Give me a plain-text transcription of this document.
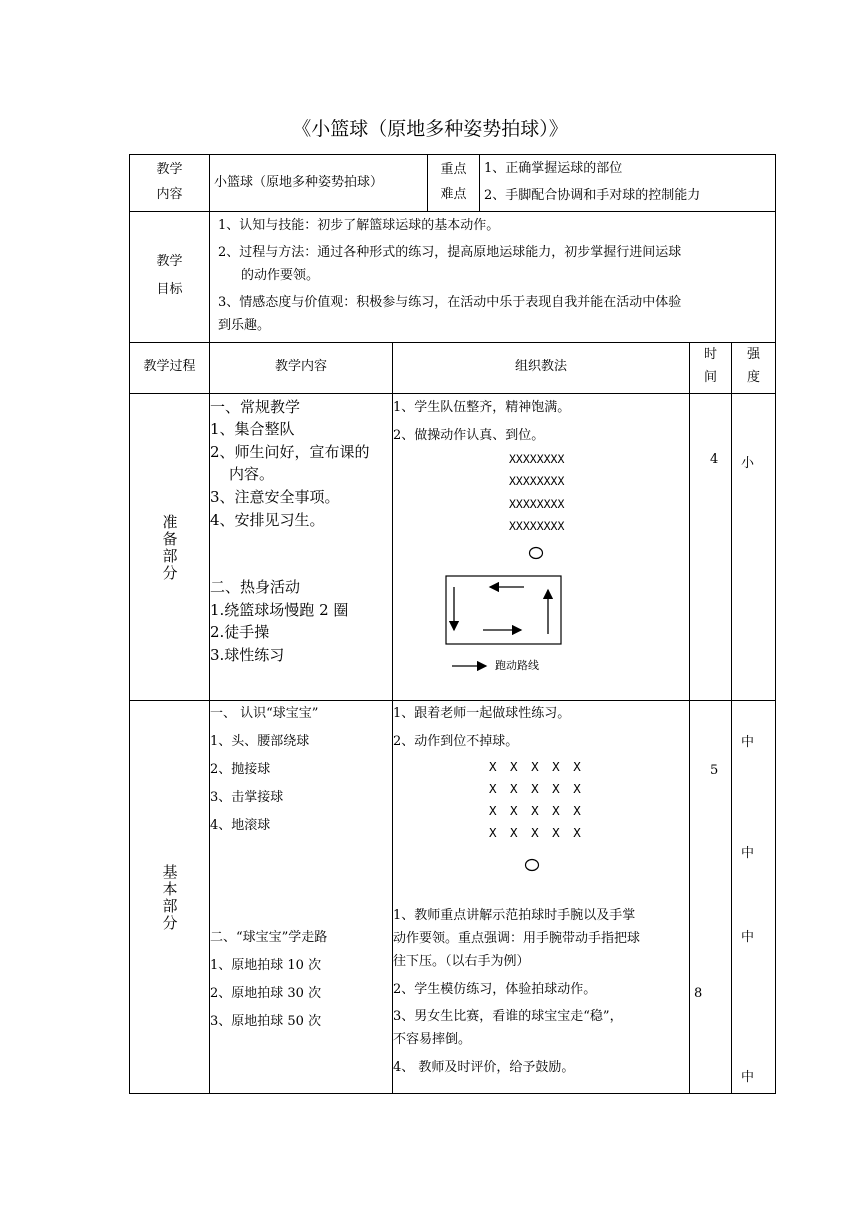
《小篮球（原地多种姿势拍球）》
教学
内容
小篮球（原地多种姿势拍球）
重点
难点
1、正确掌握运球的部位
2、手脚配合协调和手对球的控制能力
教学
目标
1、认知与技能：初步了解篮球运球的基本动作。
2、过程与方法：通过各种形式的练习，提高原地运球能力，初步掌握行进间运球
的动作要领。
3、情感态度与价值观：积极参与练习，在活动中乐于表现自我并能在活动中体验
到乐趣。
教学过程	教学内容	组织教法
时
间
强
度
准
备
部
分
一、常规教学
1、集合整队
2、师生问好，宣布课的
内容。
3、注意安全事项。
4、安排见习生。
二、热身活动
1.绕篮球场慢跑 2 圈
2.徒手操
3.球性练习
1、学生队伍整齐，精神饱满。
2、做操动作认真、到位。
XXXXXXXX
XXXXXXXX
XXXXXXXX
XXXXXXXX
跑动路线
4 小
基
本
部
分
一、 认识“球宝宝”
1、头、腰部绕球
2、抛接球
3、击掌接球
4、地滚球
二、“球宝宝”学走路
1、原地拍球 10 次
2、原地拍球 30 次
3、原地拍球 50 次
1、跟着老师一起做球性练习。
2、动作到位不掉球。
X X X X X
X X X X X
X X X X X
X X X X X
1、教师重点讲解示范拍球时手腕以及手掌
动作要领。重点强调：用手腕带动手指把球
往下压。（以右手为例）
2、学生模仿练习，体验拍球动作。
3、男女生比赛，看谁的球宝宝走“稳”，
不容易摔倒。
4、 教师及时评价，给予鼓励。
5
8
中
中
中
中
